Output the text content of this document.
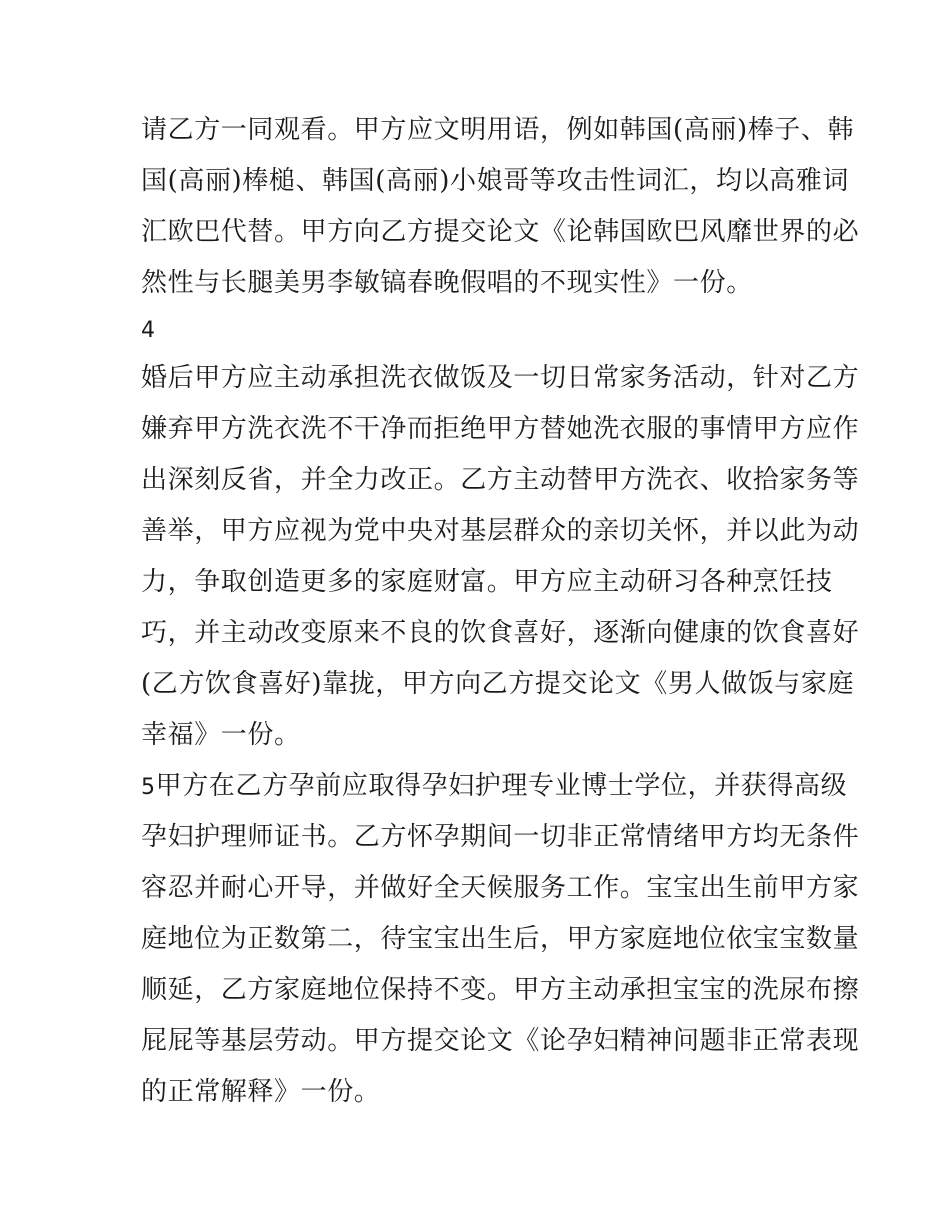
请乙方一同观看。甲方应文明用语，例如韩国(高丽)棒子、韩
国(高丽)棒槌、韩国(高丽)小娘哥等攻击性词汇，均以高雅词
汇欧巴代替。甲方向乙方提交论文《论韩国欧巴风靡世界的必
然性与长腿美男李敏镐春晚假唱的不现实性》一份。
4
婚后甲方应主动承担洗衣做饭及一切日常家务活动，针对乙方
嫌弃甲方洗衣洗不干净而拒绝甲方替她洗衣服的事情甲方应作
出深刻反省，并全力改正。乙方主动替甲方洗衣、收拾家务等
善举，甲方应视为党中央对基层群众的亲切关怀，并以此为动
力，争取创造更多的家庭财富。甲方应主动研习各种烹饪技
巧，并主动改变原来不良的饮食喜好，逐渐向健康的饮食喜好
(乙方饮食喜好)靠拢，甲方向乙方提交论文《男人做饭与家庭
幸福》一份。
5甲方在乙方孕前应取得孕妇护理专业博士学位，并获得高级
孕妇护理师证书。乙方怀孕期间一切非正常情绪甲方均无条件
容忍并耐心开导，并做好全天候服务工作。宝宝出生前甲方家
庭地位为正数第二，待宝宝出生后，甲方家庭地位依宝宝数量
顺延，乙方家庭地位保持不变。甲方主动承担宝宝的洗尿布擦
屁屁等基层劳动。甲方提交论文《论孕妇精神问题非正常表现
的正常解释》一份。
